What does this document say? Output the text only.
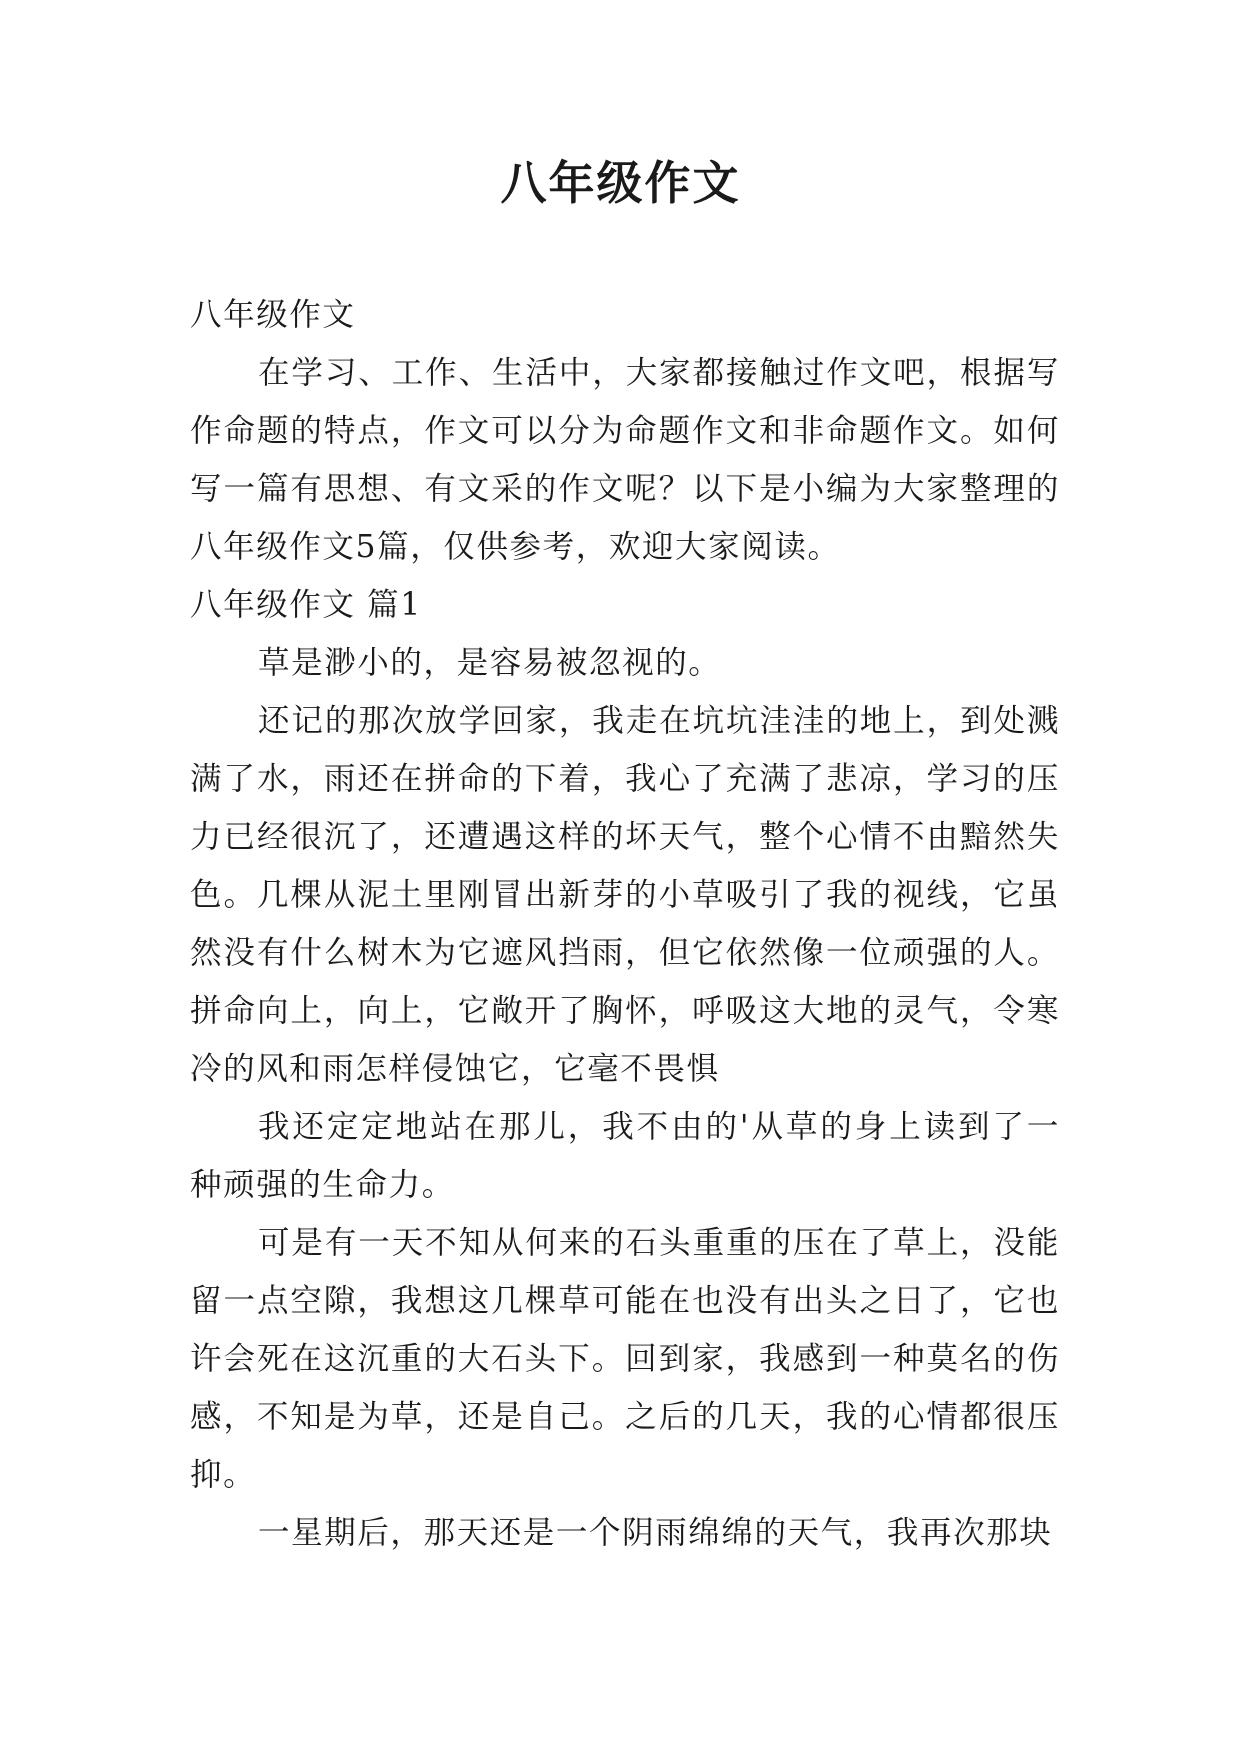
八年级作文

八年级作文

在学习、工作、生活中，大家都接触过作文吧，根据写作命题的特点，作文可以分为命题作文和非命题作文。如何写一篇有思想、有文采的作文呢？以下是小编为大家整理的八年级作文5篇，仅供参考，欢迎大家阅读。

八年级作文 篇1

草是渺小的，是容易被忽视的。

还记的那次放学回家，我走在坑坑洼洼的地上，到处溅满了水，雨还在拼命的下着，我心了充满了悲凉，学习的压力已经很沉了，还遭遇这样的坏天气，整个心情不由黯然失色。几棵从泥土里刚冒出新芽的小草吸引了我的视线，它虽然没有什么树木为它遮风挡雨，但它依然像一位顽强的人。拼命向上，向上，它敞开了胸怀，呼吸这大地的灵气，令寒冷的风和雨怎样侵蚀它，它毫不畏惧

我还定定地站在那儿，我不由的'从草的身上读到了一种顽强的生命力。

可是有一天不知从何来的石头重重的压在了草上，没能留一点空隙，我想这几棵草可能在也没有出头之日了，它也许会死在这沉重的大石头下。回到家，我感到一种莫名的伤感，不知是为草，还是自己。之后的几天，我的心情都很压抑。

一星期后，那天还是一个阴雨绵绵的天气，我再次那块
